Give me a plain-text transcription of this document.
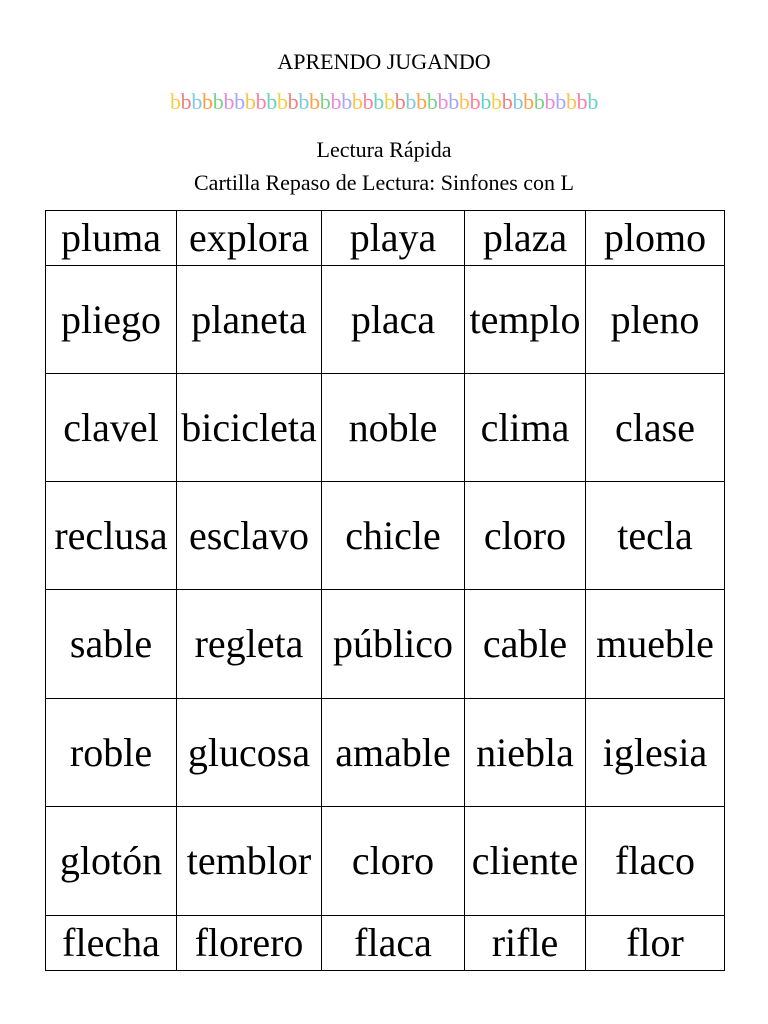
APRENDO JUGANDO
bbbbbbbbbbbbbbbbbbbbbbbbbbbbbbbbbbbbbbbb
Lectura Rápida
Cartilla Repaso de Lectura: Sinfones con L
pluma	explora	playa	plaza	plomo
pliego	planeta	placa	templo	pleno
clavel	bicicleta	noble	clima	clase
reclusa	esclavo	chicle	cloro	tecla
sable	regleta	público	cable	mueble
roble	glucosa	amable	niebla	iglesia
glotón	temblor	cloro	cliente	flaco
flecha	florero	flaca	rifle	flor
